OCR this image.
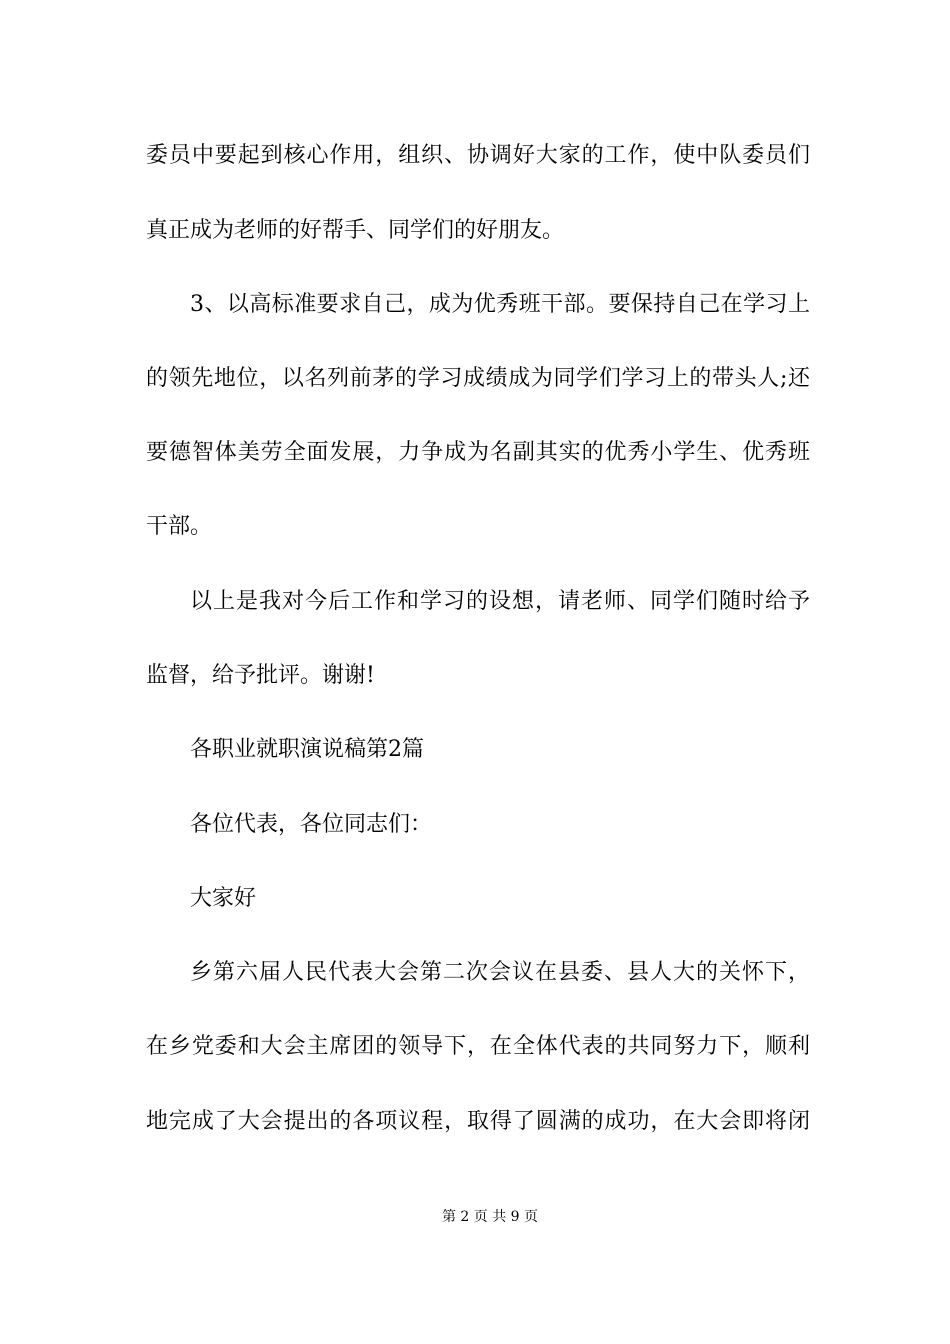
委员中要起到核心作用，组织、协调好大家的工作，使中队委员们
真正成为老师的好帮手、同学们的好朋友。
3、以高标准要求自己，成为优秀班干部。要保持自己在学习上
的领先地位，以名列前茅的学习成绩成为同学们学习上的带头人;还
要德智体美劳全面发展，力争成为名副其实的优秀小学生、优秀班
干部。
以上是我对今后工作和学习的设想，请老师、同学们随时给予
监督，给予批评。谢谢!
各职业就职演说稿第2篇
各位代表，各位同志们：
大家好
乡第六届人民代表大会第二次会议在县委、县人大的关怀下，
在乡党委和大会主席团的领导下，在全体代表的共同努力下，顺利
地完成了大会提出的各项议程，取得了圆满的成功，在大会即将闭
第 2 页 共 9 页
